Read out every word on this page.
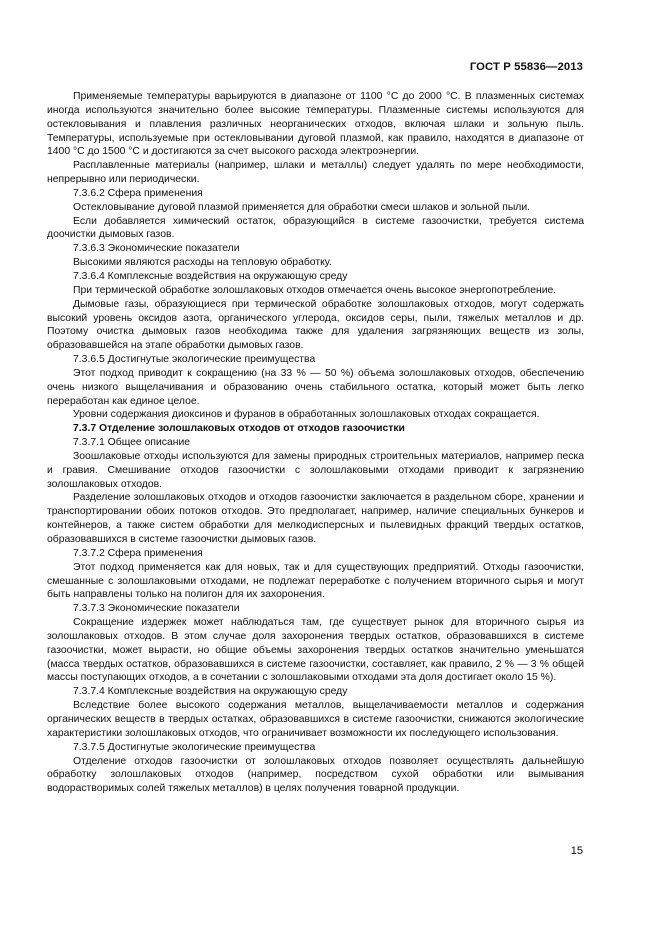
ГОСТ Р 55836—2013
Применяемые температуры варьируются в диапазоне от 1100 °С до 2000 °С. В плазменных системах иногда используются значительно более высокие температуры. Плазменные системы используются для остекловывания и плавления различных неорганических отходов, включая шлаки и зольную пыль. Температуры, используемые при остекловывании дуговой плазмой, как правило, находятся в диапазоне от 1400 °С до 1500 °С и достигаются за счет высокого расхода электроэнергии.
Расплавленные материалы (например, шлаки и металлы) следует удалять по мере необходимости, непрерывно или периодически.
7.3.6.2 Сфера применения
Остекловывание дуговой плазмой применяется для обработки смеси шлаков и зольной пыли.
Если добавляется химический остаток, образующийся в системе газоочистки, требуется система доочистки дымовых газов.
7.3.6.3 Экономические показатели
Высокими являются расходы на тепловую обработку.
7.3.6.4 Комплексные воздействия на окружающую среду
При термической обработке золошлаковых отходов отмечается очень высокое энергопотребление.
Дымовые газы, образующиеся при термической обработке золошлаковых отходов, могут содержать высокий уровень оксидов азота, органического углерода, оксидов серы, пыли, тяжелых металлов и др. Поэтому очистка дымовых газов необходима также для удаления загрязняющих веществ из золы, образовавшейся на этапе обработки дымовых газов.
7.3.6.5 Достигнутые экологические преимущества
Этот подход приводит к сокращению (на 33 % — 50 %) объема золошлаковых отходов, обеспечению очень низкого выщелачивания и образованию очень стабильного остатка, который может быть легко переработан как единое целое.
Уровни содержания диоксинов и фуранов в обработанных золошлаковых отходах сокращается.
7.3.7 Отделение золошлаковых отходов от отходов газоочистки
7.3.7.1 Общее описание
Зоошлаковые отходы используются для замены природных строительных материалов, например песка и гравия. Смешивание отходов газоочистки с золошлаковыми отходами приводит к загрязнению золошлаковых отходов.
Разделение золошлаковых отходов и отходов газоочистки заключается в раздельном сборе, хранении и транспортировании обоих потоков отходов. Это предполагает, например, наличие специальных бункеров и контейнеров, а также систем обработки для мелкодисперсных и пылевидных фракций твердых остатков, образовавшихся в системе газоочистки дымовых газов.
7.3.7.2 Сфера применения
Этот подход применяется как для новых, так и для существующих предприятий. Отходы газоочистки, смешанные с золошлаковыми отходами, не подлежат переработке с получением вторичного сырья и могут быть направлены только на полигон для их захоронения.
7.3.7.3 Экономические показатели
Сокращение издержек может наблюдаться там, где существует рынок для вторичного сырья из золошлаковых отходов. В этом случае доля захоронения твердых остатков, образовавшихся в системе газоочистки, может вырасти, но общие объемы захоронения твердых остатков значительно уменьшатся (масса твердых остатков, образовавшихся в системе газоочистки, составляет, как правило, 2 % — 3 % общей массы поступающих отходов, а в сочетании с золошлаковыми отходами эта доля достигает около 15 %).
7.3.7.4 Комплексные воздействия на окружающую среду
Вследствие более высокого содержания металлов, выщелачиваемости металлов и содержания органических веществ в твердых остатках, образовавшихся в системе газоочистки, снижаются экологические характеристики золошлаковых отходов, что ограничивает возможности их последующего использования.
7.3.7.5 Достигнутые экологические преимущества
Отделение отходов газоочистки от золошлаковых отходов позволяет осуществлять дальнейшую обработку золошлаковых отходов (например, посредством сухой обработки или вымывания водорастворимых солей тяжелых металлов) в целях получения товарной продукции.
15
